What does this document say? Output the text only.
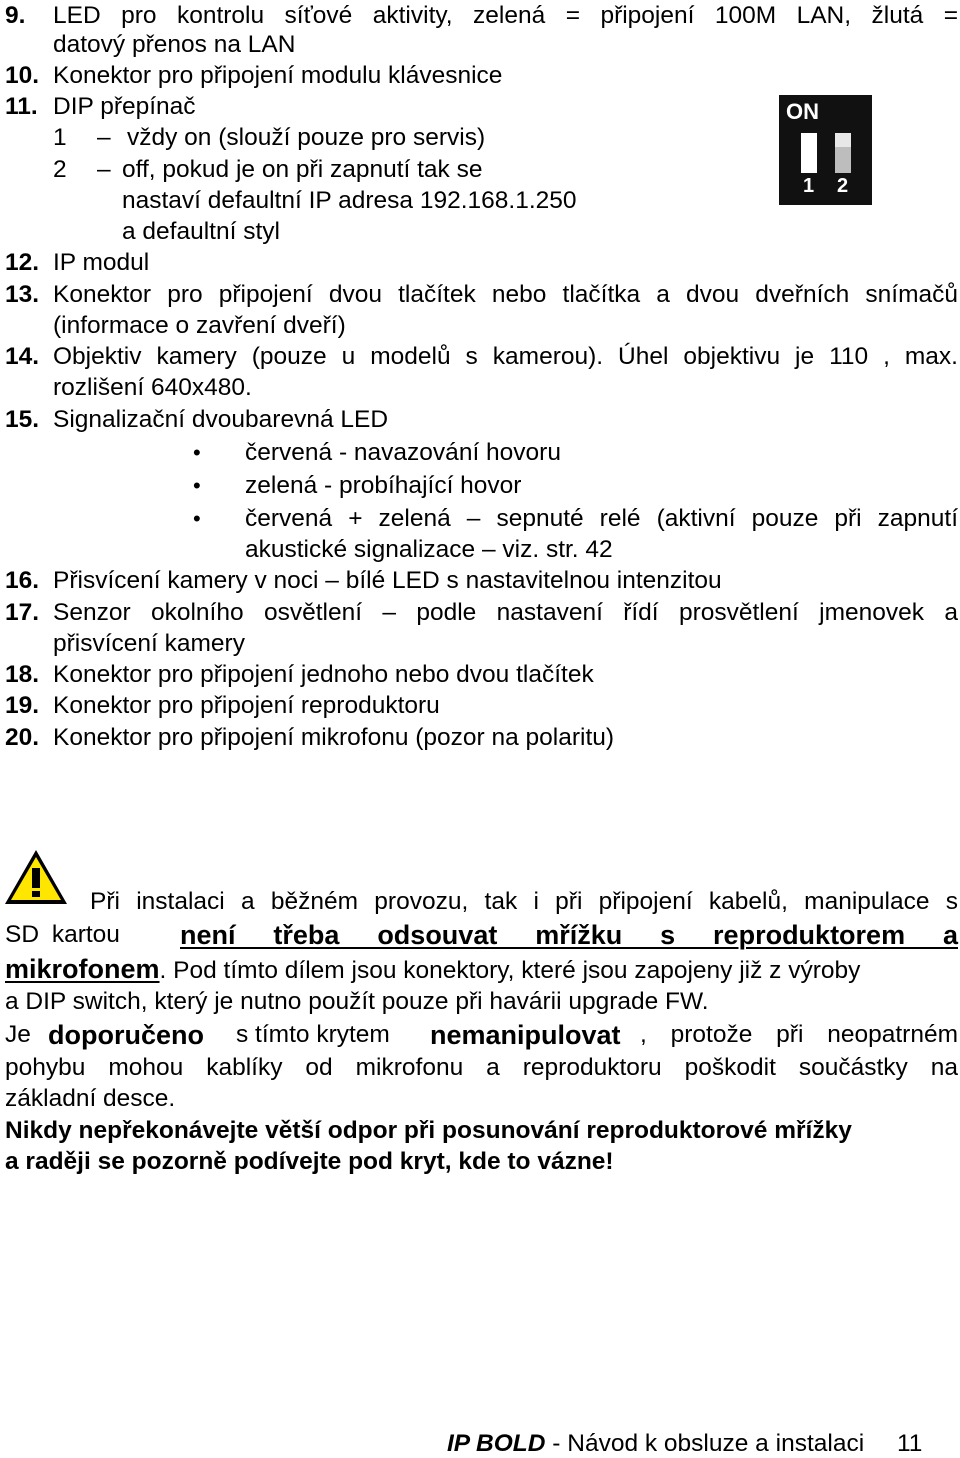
9. LED pro kontrolu síťové aktivity, zelená = připojení 100M LAN, žlutá =
datový přenos na LAN
10. Konektor pro připojení modulu klávesnice
11. DIP přepínač
1 – vždy on (slouží pouze pro servis)
2 – off, pokud je on při zapnutí tak se
nastaví defaultní IP adresa 192.168.1.250
a defaultní styl
ON
1 2
12. IP modul
13. Konektor pro připojení dvou tlačítek nebo tlačítka a dvou dveřních snímačů
(informace o zavření dveří)
14. Objektiv kamery (pouze u modelů s kamerou). Úhel objektivu je 110 , max.
rozlišení 640x480.
15. Signalizační dvoubarevná LED
• červená - navazování hovoru
• zelená - probíhající hovor
• červená + zelená – sepnuté relé (aktivní pouze při zapnutí
akustické signalizace – viz. str. 42
16. Přisvícení kamery v noci – bílé LED s nastavitelnou intenzitou
17. Senzor okolního osvětlení – podle nastavení řídí prosvětlení jmenovek a
přisvícení kamery
18. Konektor pro připojení jednoho nebo dvou tlačítek
19. Konektor pro připojení reproduktoru
20. Konektor pro připojení mikrofonu (pozor na polaritu)
Při instalaci a běžném provozu, tak i při připojení kabelů, manipulace s
SD kartou není třeba odsouvat mřížku s reproduktorem a
mikrofonem. Pod tímto dílem jsou konektory, které jsou zapojeny již z výroby
a DIP switch, který je nutno použít pouze při havárii upgrade FW.
Je doporučeno s tímto krytem nemanipulovat , protože při neopatrném
pohybu mohou kablíky od mikrofonu a reproduktoru poškodit součástky na
základní desce.
Nikdy nepřekonávejte větší odpor při posunování reproduktorové mřížky
a raději se pozorně podívejte pod kryt, kde to vázne!
IP BOLD - Návod k obsluze a instalaci 11
